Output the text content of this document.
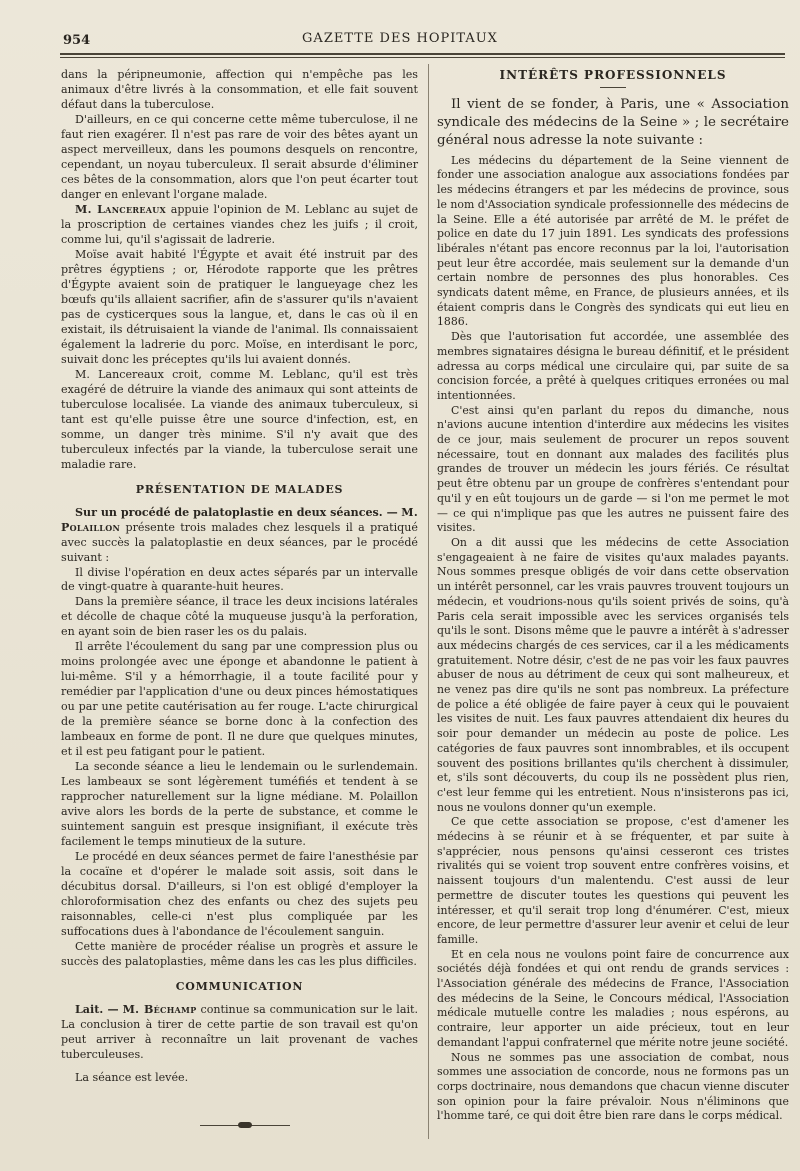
954	GAZETTE DES HOPITAUX

dans la péripneumonie, affection qui n'empêche pas les animaux d'être livrés à la consommation, et elle fait souvent défaut dans la tuberculose.

D'ailleurs, en ce qui concerne cette même tuberculose, il ne faut rien exagérer. Il n'est pas rare de voir des bêtes ayant un aspect merveilleux, dans les poumons desquels on rencontre, cependant, un noyau tuberculeux. Il serait absurde d'éliminer ces bêtes de la consommation, alors que l'on peut écarter tout danger en enlevant l'organe malade.

M. Lancereaux appuie l'opinion de M. Leblanc au sujet de la proscription de certaines viandes chez les juifs ; il croit, comme lui, qu'il s'agissait de ladrerie.

Moïse avait habité l'Égypte et avait été instruit par des prêtres égyptiens ; or, Hérodote rapporte que les prêtres d'Égypte avaient soin de pratiquer le langueyage chez les bœufs qu'ils allaient sacrifier, afin de s'assurer qu'ils n'avaient pas de cysticerques sous la langue, et, dans le cas où il en existait, ils détruisaient la viande de l'animal. Ils connaissaient également la ladrerie du porc. Moïse, en interdisant le porc, suivait donc les préceptes qu'ils lui avaient donnés.

M. Lancereaux croit, comme M. Leblanc, qu'il est très exagéré de détruire la viande des animaux qui sont atteints de tuberculose localisée. La viande des animaux tuberculeux, si tant est qu'elle puisse être une source d'infection, est, en somme, un danger très minime. S'il n'y avait que des tuberculeux infectés par la viande, la tuberculose serait une maladie rare.

PRÉSENTATION DE MALADES

Sur un procédé de palatoplastie en deux séances. — M. Polaillon présente trois malades chez lesquels il a pratiqué avec succès la palatoplastie en deux séances, par le procédé suivant :

Il divise l'opération en deux actes séparés par un intervalle de vingt-quatre à quarante-huit heures.

Dans la première séance, il trace les deux incisions latérales et décolle de chaque côté la muqueuse jusqu'à la perforation, en ayant soin de bien raser les os du palais.

Il arrête l'écoulement du sang par une compression plus ou moins prolongée avec une éponge et abandonne le patient à lui-même. S'il y a hémorrhagie, il a toute facilité pour y remédier par l'application d'une ou deux pinces hémostatiques ou par une petite cautérisation au fer rouge. L'acte chirurgical de la première séance se borne donc à la confection des lambeaux en forme de pont. Il ne dure que quelques minutes, et il est peu fatigant pour le patient.

La seconde séance a lieu le lendemain ou le surlendemain. Les lambeaux se sont légèrement tuméfiés et tendent à se rapprocher naturellement sur la ligne médiane. M. Polaillon avive alors les bords de la perte de substance, et comme le suintement sanguin est presque insignifiant, il exécute très facilement le temps minutieux de la suture.

Le procédé en deux séances permet de faire l'anesthésie par la cocaïne et d'opérer le malade soit assis, soit dans le décubitus dorsal. D'ailleurs, si l'on est obligé d'employer la chloroformisation chez des enfants ou chez des sujets peu raisonnables, celle-ci n'est plus compliquée par les suffocations dues à l'abondance de l'écoulement sanguin.

Cette manière de procéder réalise un progrès et assure le succès des palatoplasties, même dans les cas les plus difficiles.

COMMUNICATION

Lait. — M. Béchamp continue sa communication sur le lait. La conclusion à tirer de cette partie de son travail est qu'on peut arriver à reconnaître un lait provenant de vaches tuberculeuses.

La séance est levée.

INTÉRÊTS PROFESSIONNELS

Il vient de se fonder, à Paris, une « Association syndicale des médecins de la Seine » ; le secrétaire général nous adresse la note suivante :

Les médecins du département de la Seine viennent de fonder une association analogue aux associations fondées par les médecins étrangers et par les médecins de province, sous le nom d'Association syndicale professionnelle des médecins de la Seine. Elle a été autorisée par arrêté de M. le préfet de police en date du 17 juin 1891. Les syndicats des professions libérales n'étant pas encore reconnus par la loi, l'autorisation peut leur être accordée, mais seulement sur la demande d'un certain nombre de personnes des plus honorables. Ces syndicats datent même, en France, de plusieurs années, et ils étaient compris dans le Congrès des syndicats qui eut lieu en 1886.

Dès que l'autorisation fut accordée, une assemblée des membres signataires désigna le bureau définitif, et le président adressa au corps médical une circulaire qui, par suite de sa concision forcée, a prêté à quelques critiques erronées ou mal intentionnées.

C'est ainsi qu'en parlant du repos du dimanche, nous n'avions aucune intention d'interdire aux médecins les visites de ce jour, mais seulement de procurer un repos souvent nécessaire, tout en donnant aux malades des facilités plus grandes de trouver un médecin les jours fériés. Ce résultat peut être obtenu par un groupe de confrères s'entendant pour qu'il y en eût toujours un de garde — si l'on me permet le mot — ce qui n'implique pas que les autres ne puissent faire des visites.

On a dit aussi que les médecins de cette Association s'engageaient à ne faire de visites qu'aux malades payants. Nous sommes presque obligés de voir dans cette observation un intérêt personnel, car les vrais pauvres trouvent toujours un médecin, et voudrions-nous qu'ils soient privés de soins, qu'à Paris cela serait impossible avec les services organisés tels qu'ils le sont. Disons même que le pauvre a intérêt à s'adresser aux médecins chargés de ces services, car il a les médicaments gratuitement. Notre désir, c'est de ne pas voir les faux pauvres abuser de nous au détriment de ceux qui sont malheureux, et ne venez pas dire qu'ils ne sont pas nombreux. La préfecture de police a été obligée de faire payer à ceux qui le pouvaient les visites de nuit. Les faux pauvres attendaient dix heures du soir pour demander un médecin au poste de police. Les catégories de faux pauvres sont innombrables, et ils occupent souvent des positions brillantes qu'ils cherchent à dissimuler, et, s'ils sont découverts, du coup ils ne possèdent plus rien, c'est leur femme qui les entretient. Nous n'insisterons pas ici, nous ne voulons donner qu'un exemple.

Ce que cette association se propose, c'est d'amener les médecins à se réunir et à se fréquenter, et par suite à s'apprécier, nous pensons qu'ainsi cesseront ces tristes rivalités qui se voient trop souvent entre confrères voisins, et naissent toujours d'un malentendu. C'est aussi de leur permettre de discuter toutes les questions qui peuvent les intéresser, et qu'il serait trop long d'énumérer. C'est, mieux encore, de leur permettre d'assurer leur avenir et celui de leur famille.

Et en cela nous ne voulons point faire de concurrence aux sociétés déjà fondées et qui ont rendu de grands services : l'Association générale des médecins de France, l'Association des médecins de la Seine, le Concours médical, l'Association médicale mutuelle contre les maladies ; nous espérons, au contraire, leur apporter un aide précieux, tout en leur demandant l'appui confraternel que mérite notre jeune société.

Nous ne sommes pas une association de combat, nous sommes une association de concorde, nous ne formons pas un corps doctrinaire, nous demandons que chacun vienne discuter son opinion pour la faire prévaloir. Nous n'éliminons que l'homme taré, ce qui doit être bien rare dans le corps médical.
